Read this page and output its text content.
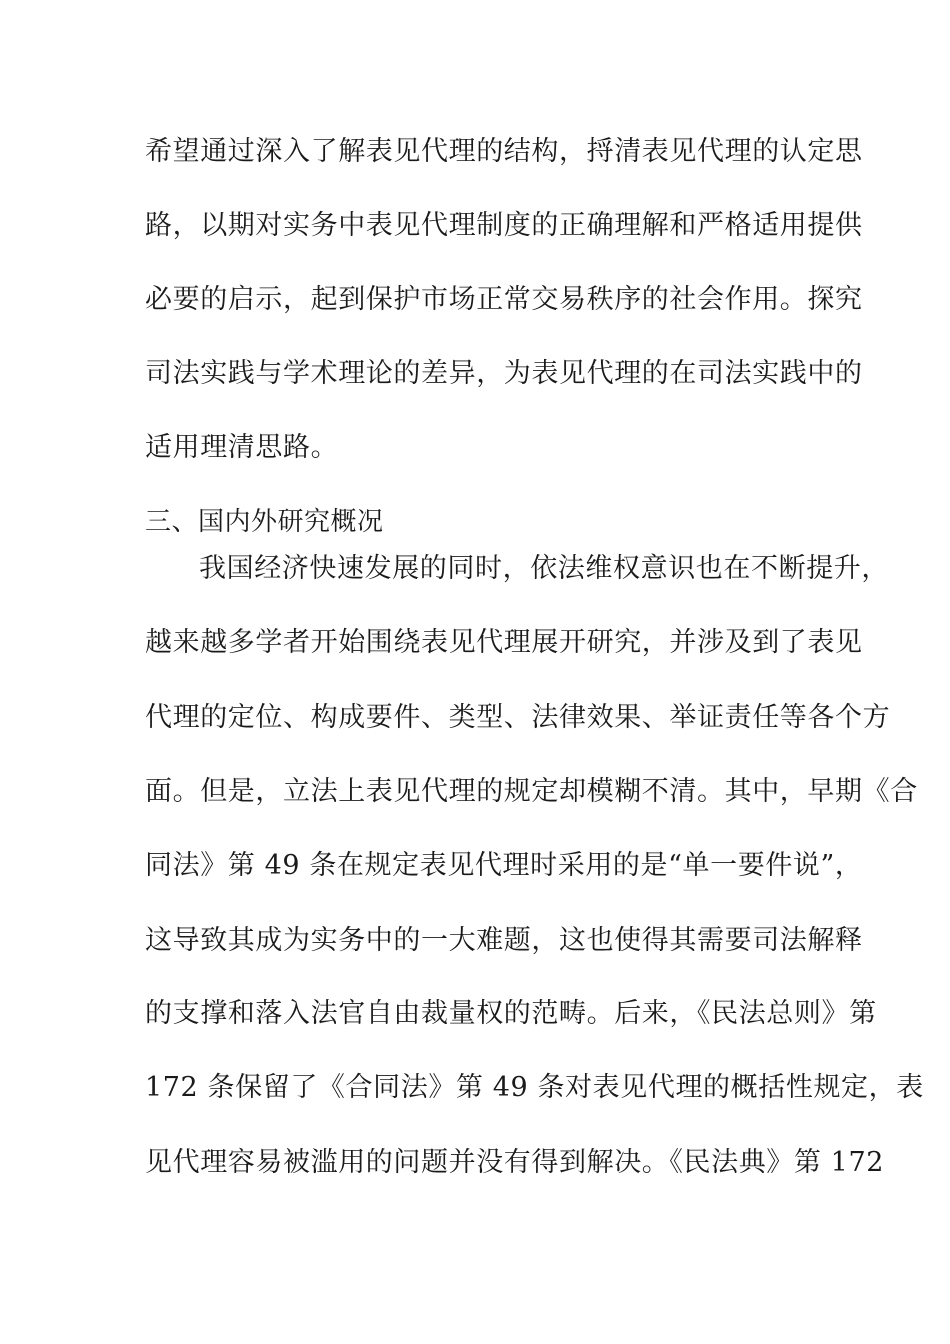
希望通过深入了解表见代理的结构，捋清表见代理的认定思
路，以期对实务中表见代理制度的正确理解和严格适用提供
必要的启示，起到保护市场正常交易秩序的社会作用。探究
司法实践与学术理论的差异，为表见代理的在司法实践中的
适用理清思路。
三、国内外研究概况
我国经济快速发展的同时，依法维权意识也在不断提升，
越来越多学者开始围绕表见代理展开研究，并涉及到了表见
代理的定位、构成要件、类型、法律效果、举证责任等各个方
面。但是，立法上表见代理的规定却模糊不清。其中，早期《合
同法》第 49 条在规定表见代理时采用的是“单一要件说”，
这导致其成为实务中的一大难题，这也使得其需要司法解释
的支撑和落入法官自由裁量权的范畴。后来，《民法总则》第
172 条保留了《合同法》第 49 条对表见代理的概括性规定，表
见代理容易被滥用的问题并没有得到解决。《民法典》第 172
